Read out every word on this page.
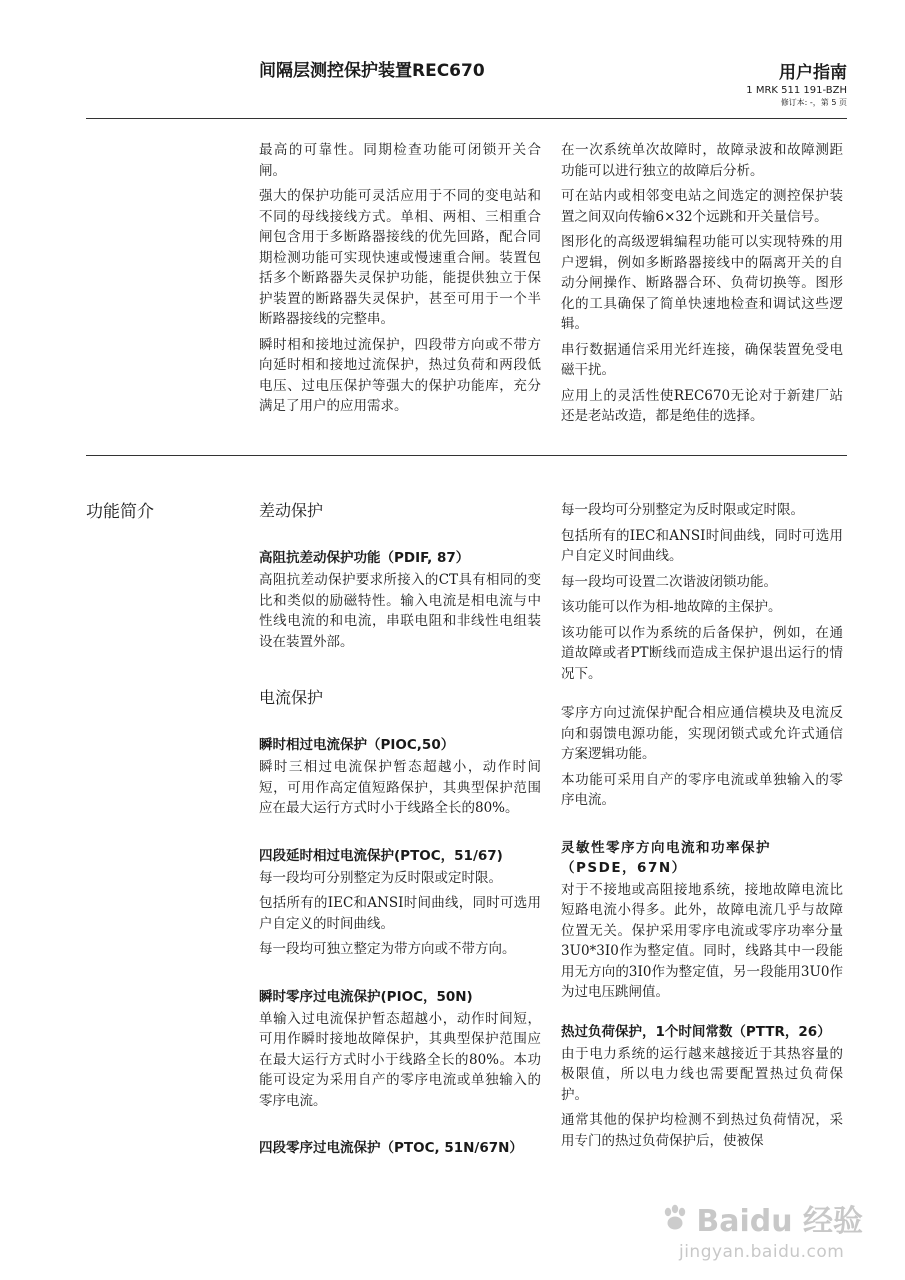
间隔层测控保护装置REC670	用户指南
1 MRK 511 191-BZH
修订本: -，第 5 页

最高的可靠性。同期检查功能可闭锁开关合闸。

强大的保护功能可灵活应用于不同的变电站和不同的母线接线方式。单相、两相、三相重合闸包含用于多断路器接线的优先回路，配合同期检测功能可实现快速或慢速重合闸。装置包括多个断路器失灵保护功能，能提供独立于保护装置的断路器失灵保护，甚至可用于一个半断路器接线的完整串。

瞬时相和接地过流保护，四段带方向或不带方向延时相和接地过流保护，热过负荷和两段低电压、过电压保护等强大的保护功能库，充分满足了用户的应用需求。

在一次系统单次故障时，故障录波和故障测距功能可以进行独立的故障后分析。

可在站内或相邻变电站之间选定的测控保护装置之间双向传输6×32个远跳和开关量信号。

图形化的高级逻辑编程功能可以实现特殊的用户逻辑，例如多断路器接线中的隔离开关的自动分闸操作、断路器合环、负荷切换等。图形化的工具确保了简单快速地检查和调试这些逻辑。

串行数据通信采用光纤连接，确保装置免受电磁干扰。

应用上的灵活性使REC670无论对于新建厂站还是老站改造，都是绝佳的选择。

功能简介	差动保护
高阻抗差动保护功能（PDIF, 87）

高阻抗差动保护要求所接入的CT具有相同的变比和类似的励磁特性。输入电流是相电流与中性线电流的和电流，串联电阻和非线性电组装设在装置外部。

电流保护
瞬时相过电流保护（PIOC,50）

瞬时三相过电流保护暂态超越小，动作时间短，可用作高定值短路保护，其典型保护范围应在最大运行方式时小于线路全长的80%。

四段延时相过电流保护(PTOC，51/67)

每一段均可分别整定为反时限或定时限。

包括所有的IEC和ANSI时间曲线，同时可选用户自定义的时间曲线。

每一段均可独立整定为带方向或不带方向。

瞬时零序过电流保护(PIOC，50N)

单输入过电流保护暂态超越小，动作时间短，可用作瞬时接地故障保护，其典型保护范围应在最大运行方式时小于线路全长的80%。本功能可设定为采用自产的零序电流或单独输入的零序电流。

四段零序过电流保护（PTOC, 51N/67N）

每一段均可分别整定为反时限或定时限。

包括所有的IEC和ANSI时间曲线，同时可选用户自定义时间曲线。

每一段均可设置二次谐波闭锁功能。

该功能可以作为相-地故障的主保护。

该功能可以作为系统的后备保护，例如，在通道故障或者PT断线而造成主保护退出运行的情况下。

零序方向过流保护配合相应通信模块及电流反向和弱馈电源功能，实现闭锁式或允许式通信方案逻辑功能。

本功能可采用自产的零序电流或单独输入的零序电流。

灵敏性零序方向电流和功率保护（PSDE，67N）

对于不接地或高阻接地系统，接地故障电流比短路电流小得多。此外，故障电流几乎与故障位置无关。保护采用零序电流或零序功率分量3U0*3I0作为整定值。同时，线路其中一段能用无方向的3I0作为整定值，另一段能用3U0作为过电压跳闸值。

热过负荷保护，1个时间常数（PTTR，26）

由于电力系统的运行越来越接近于其热容量的极限值，所以电力线也需要配置热过负荷保护。

通常其他的保护均检测不到热过负荷情况，采用专门的热过负荷保护后，使被保

Baidu 经验
jingyan.baidu.com
